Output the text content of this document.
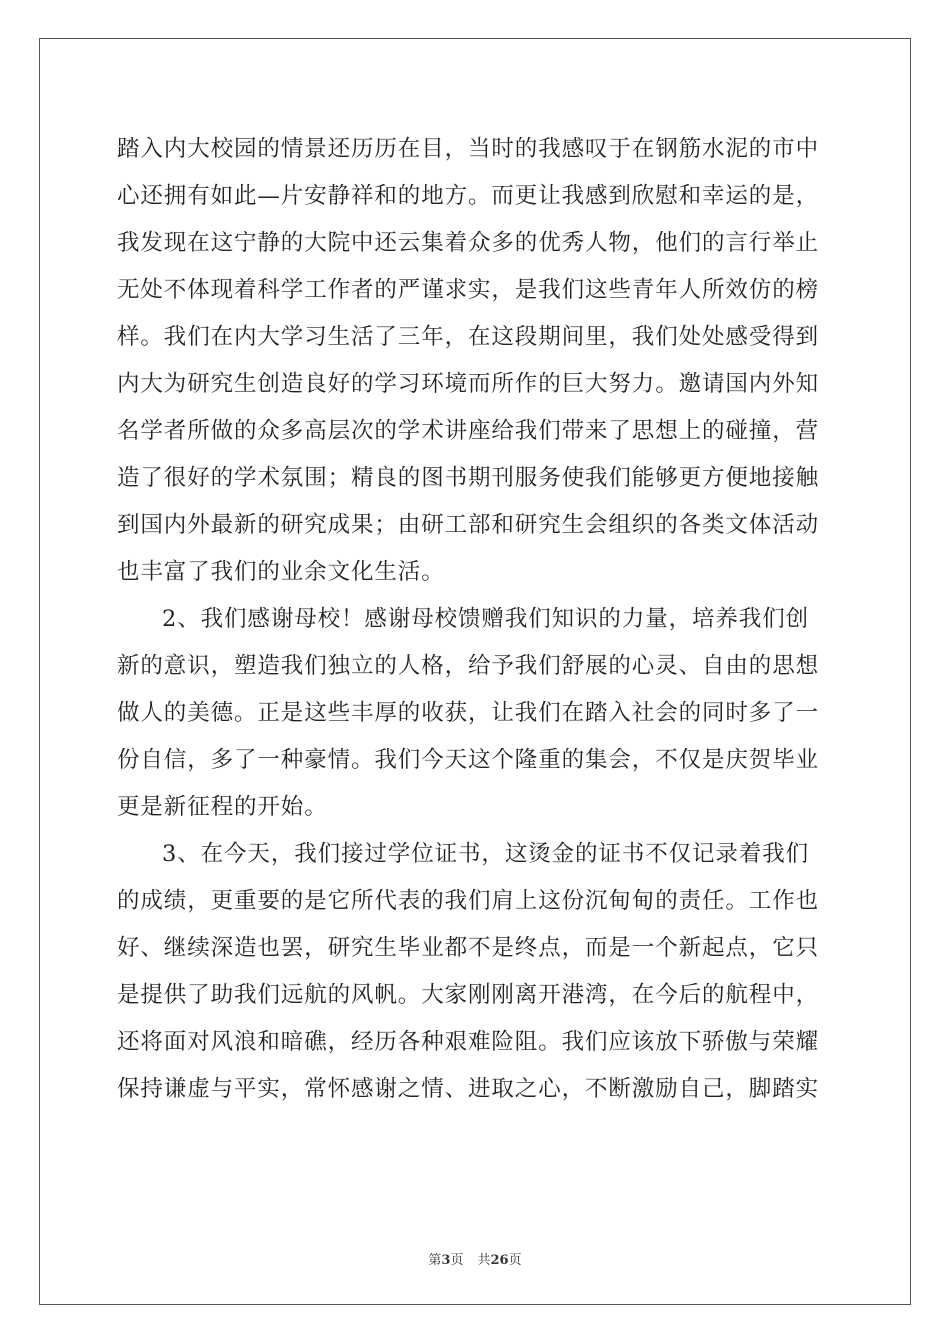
踏入内大校园的情景还历历在目，当时的我感叹于在钢筋水泥的市中
心还拥有如此—片安静祥和的地方。而更让我感到欣慰和幸运的是，
我发现在这宁静的大院中还云集着众多的优秀人物，他们的言行举止
无处不体现着科学工作者的严谨求实，是我们这些青年人所效仿的榜
样。我们在内大学习生活了三年，在这段期间里，我们处处感受得到
内大为研究生创造良好的学习环境而所作的巨大努力。邀请国内外知
名学者所做的众多高层次的学术讲座给我们带来了思想上的碰撞，营
造了很好的学术氛围；精良的图书期刊服务使我们能够更方便地接触
到国内外最新的研究成果；由研工部和研究生会组织的各类文体活动
也丰富了我们的业余文化生活。
2、我们感谢母校！感谢母校馈赠我们知识的力量，培养我们创
新的意识，塑造我们独立的人格，给予我们舒展的心灵、自由的思想
做人的美德。正是这些丰厚的收获，让我们在踏入社会的同时多了一
份自信，多了一种豪情。我们今天这个隆重的集会，不仅是庆贺毕业
更是新征程的开始。
3、在今天，我们接过学位证书，这烫金的证书不仅记录着我们
的成绩，更重要的是它所代表的我们肩上这份沉甸甸的责任。工作也
好、继续深造也罢，研究生毕业都不是终点，而是一个新起点，它只
是提供了助我们远航的风帆。大家刚刚离开港湾，在今后的航程中，
还将面对风浪和暗礁，经历各种艰难险阻。我们应该放下骄傲与荣耀
保持谦虚与平实，常怀感谢之情、进取之心，不断激励自己，脚踏实
第3页 共26页
